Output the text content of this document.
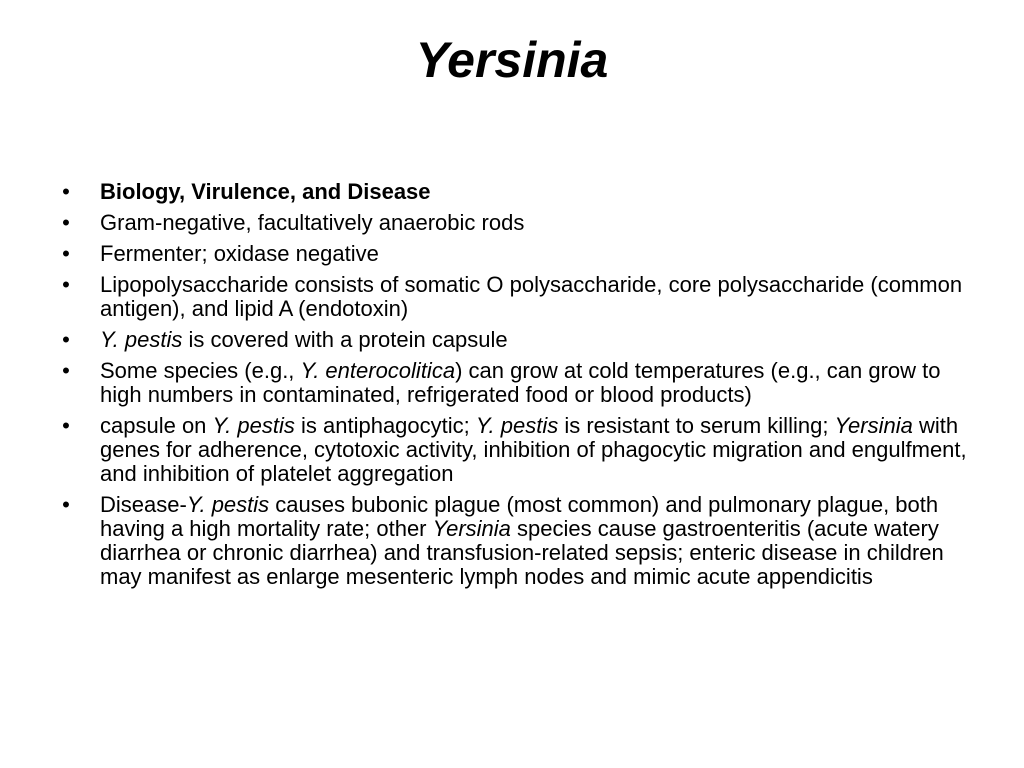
Yersinia
• Biology, Virulence, and Disease
• Gram-negative, facultatively anaerobic rods
• Fermenter; oxidase negative
• Lipopolysaccharide consists of somatic O polysaccharide, core polysaccharide (common antigen), and lipid A (endotoxin)
• Y. pestis is covered with a protein capsule
• Some species (e.g., Y. enterocolitica) can grow at cold temperatures (e.g., can grow to high numbers in contaminated, refrigerated food or blood products)
• capsule on Y. pestis is antiphagocytic; Y. pestis is resistant to serum killing; Yersinia with genes for adherence, cytotoxic activity, inhibition of phagocytic migration and engulfment, and inhibition of platelet aggregation
• Disease-Y. pestis causes bubonic plague (most common) and pulmonary plague, both having a high mortality rate; other Yersinia species cause gastroenteritis (acute watery diarrhea or chronic diarrhea) and transfusion-related sepsis; enteric disease in children may manifest as enlarge mesenteric lymph nodes and mimic acute appendicitis
